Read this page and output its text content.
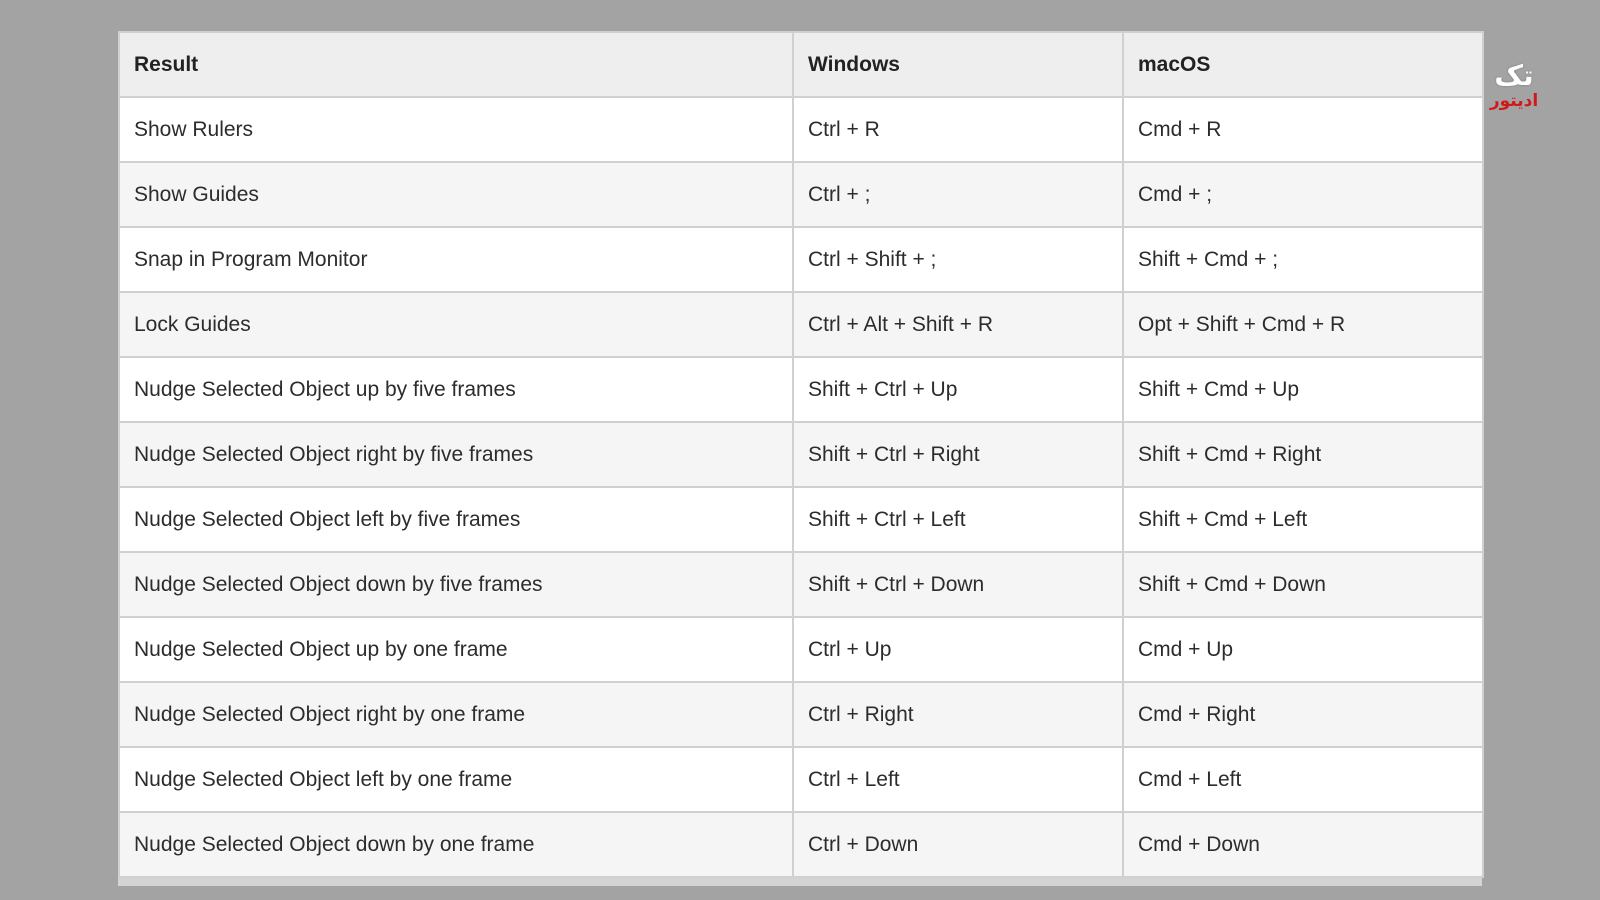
Result	Windows	macOS
Show Rulers	Ctrl + R	Cmd + R
Show Guides	Ctrl + ;	Cmd + ;
Snap in Program Monitor	Ctrl + Shift + ;	Shift + Cmd + ;
Lock Guides	Ctrl + Alt + Shift + R	Opt + Shift + Cmd + R
Nudge Selected Object up by five frames	Shift + Ctrl + Up	Shift + Cmd + Up
Nudge Selected Object right by five frames	Shift + Ctrl + Right	Shift + Cmd + Right
Nudge Selected Object left by five frames	Shift + Ctrl + Left	Shift + Cmd + Left
Nudge Selected Object down by five frames	Shift + Ctrl + Down	Shift + Cmd + Down
Nudge Selected Object up by one frame	Ctrl + Up	Cmd + Up
Nudge Selected Object right by one frame	Ctrl + Right	Cmd + Right
Nudge Selected Object left by one frame	Ctrl + Left	Cmd + Left
Nudge Selected Object down by one frame	Ctrl + Down	Cmd + Down
تک
ادیتور
